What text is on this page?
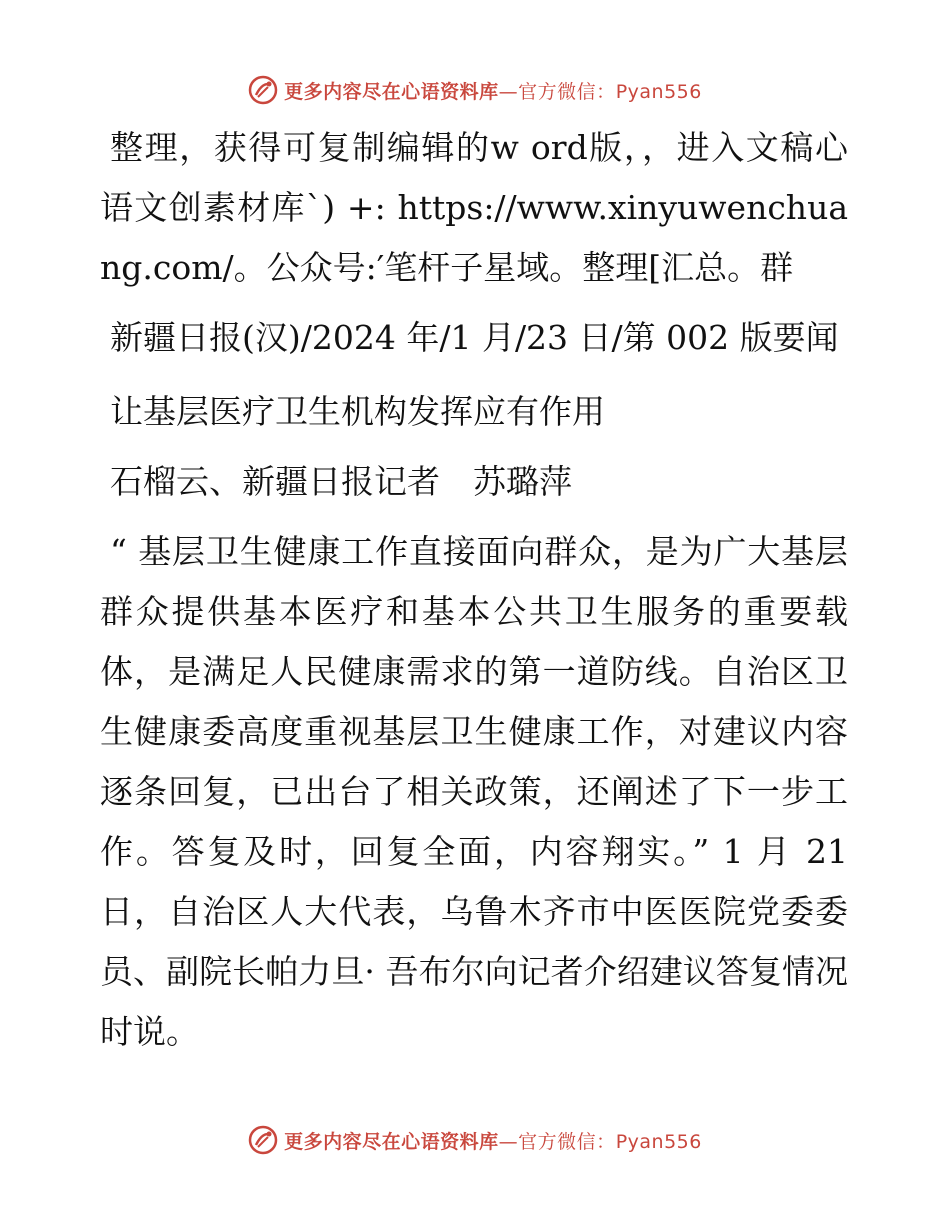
更多内容尽在心语资料库—官方微信：Pyan556

整理，获得可复制编辑的w ord版，，进入文稿心语文创素材库`) +: https://www.xinyuwenchuang.com/。公众号:′笔杆子星域。整理[汇总。群

新疆日报(汉)/2024 年/1 月/23 日/第 002 版要闻

让基层医疗卫生机构发挥应有作用

石榴云、新疆日报记者　苏璐萍

“ 基层卫生健康工作直接面向群众，是为广大基层群众提供基本医疗和基本公共卫生服务的重要载体，是满足人民健康需求的第一道防线。自治区卫生健康委高度重视基层卫生健康工作，对建议内容逐条回复，已出台了相关政策，还阐述了下一步工作。答复及时，回复全面，内容翔实。” 1 月 21 日，自治区人大代表，乌鲁木齐市中医医院党委委员、副院长帕力旦· 吾布尔向记者介绍建议答复情况时说。

更多内容尽在心语资料库—官方微信：Pyan556
